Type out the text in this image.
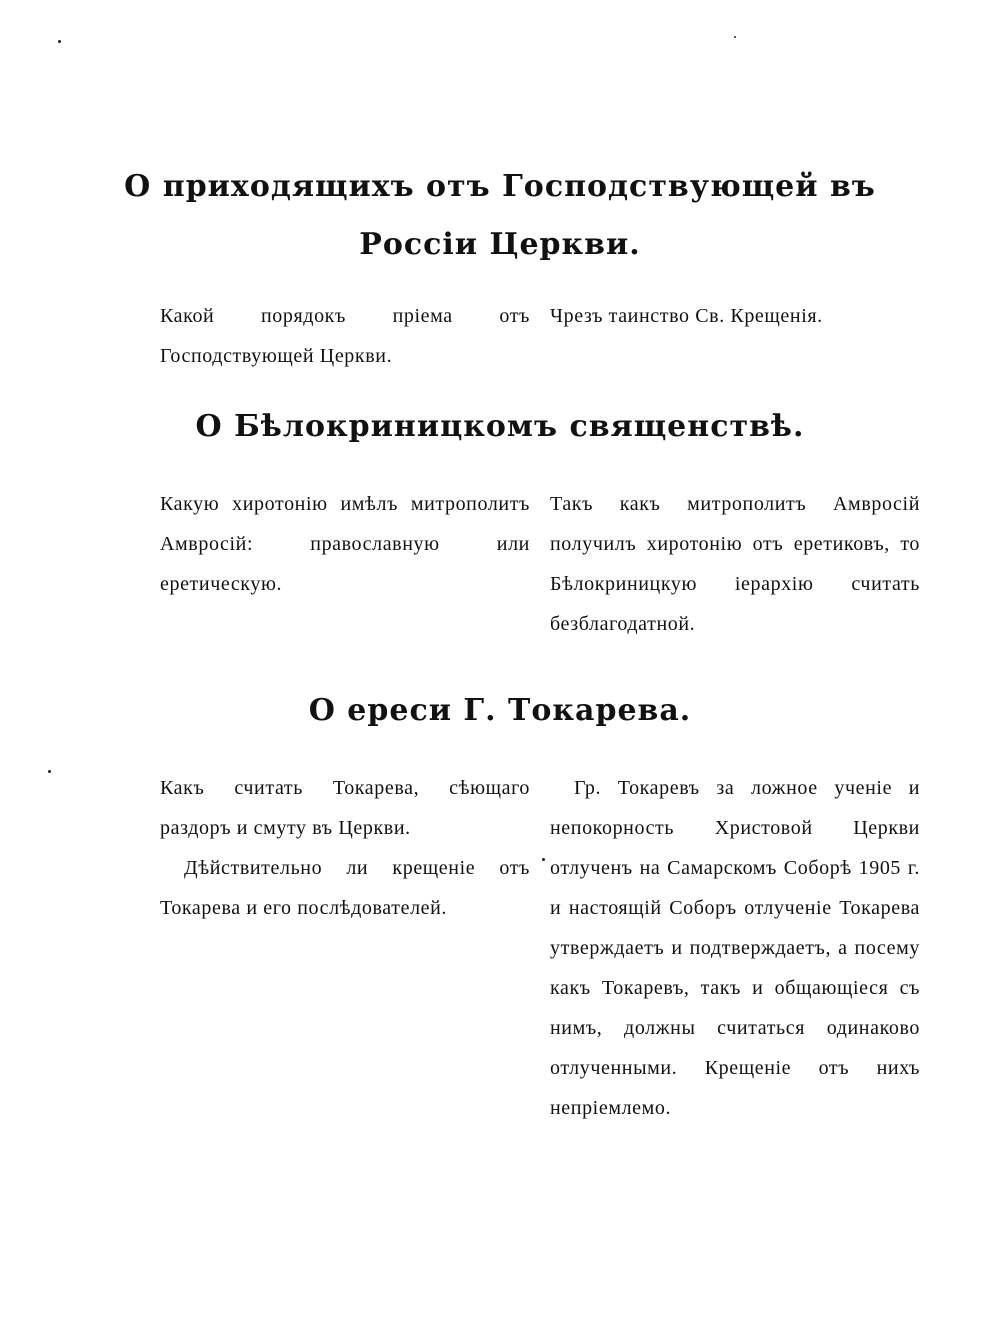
О приходящихъ отъ Господствующей въ Россіи Церкви.

Какой порядокъ пріема отъ Господствующей Церкви.

Чрезъ таинство Св. Крещенія.

О Бѣлокриницкомъ священствѣ.

Какую хиротонію имѣлъ митрополитъ Амвросій: православную или еретическую.

Такъ какъ митрополитъ Амвросій получилъ хиротонію отъ еретиковъ, то Бѣлокриницкую іерархію считать безблагодатной.

О ереси Г. Токарева.

Какъ считать Токарева, сѣющаго раздоръ и смуту въ Церкви.

Дѣйствительно ли крещеніе отъ Токарева и его послѣдователей.

Гр. Токаревъ за ложное ученіе и непокорность Христовой Церкви отлученъ на Самарскомъ Соборѣ 1905 г. и настоящій Соборъ отлученіе Токарева утверждаетъ и подтверждаетъ, а посему какъ Токаревъ, такъ и общающіеся съ нимъ, должны считаться одинаково отлученными. Крещеніе отъ нихъ непріемлемо.
